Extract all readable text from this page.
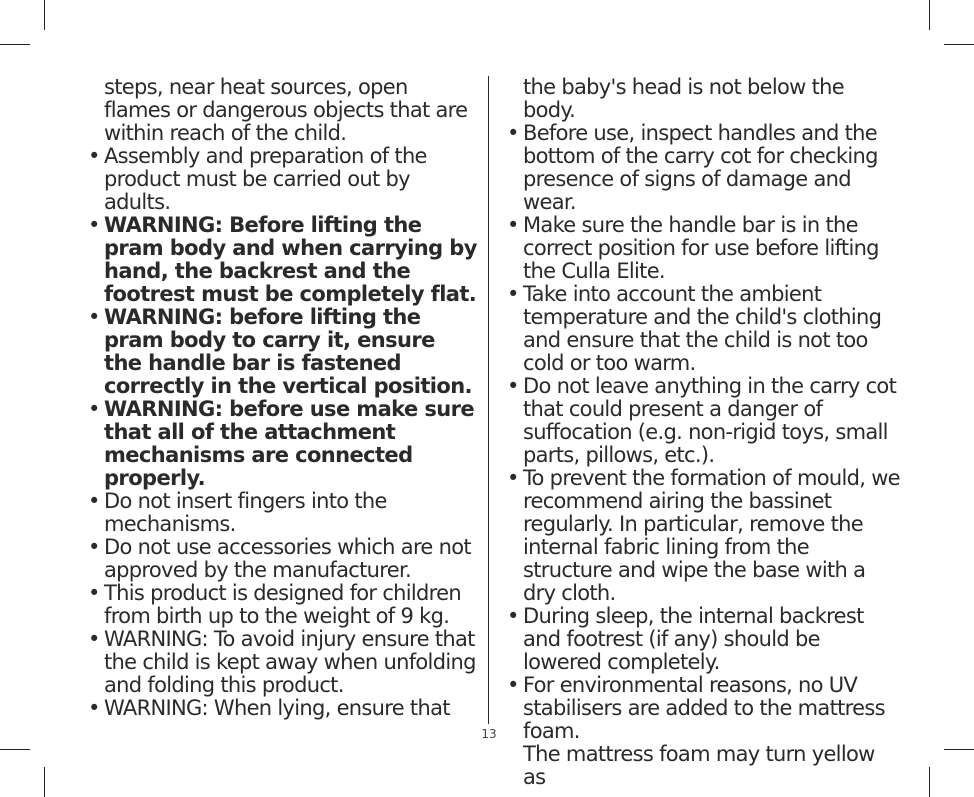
steps, near heat sources, open flames or dangerous objects that are within reach of the child.

• Assembly and preparation of the product must be carried out by adults.
• WARNING: Before lifting the pram body and when carrying by hand, the backrest and the footrest must be completely flat.
• WARNING: before lifting the pram body to carry it, ensure the handle bar is fastened correctly in the vertical position.
• WARNING: before use make sure that all of the attachment mechanisms are connected properly.
• Do not insert fingers into the mechanisms.
• Do not use accessories which are not approved by the manufacturer.
• This product is designed for children from birth up to the weight of 9 kg.
• WARNING: To avoid injury ensure that the child is kept away when unfolding and folding this product.
• WARNING: When lying, ensure that

the baby's head is not below the body.

• Before use, inspect handles and the bottom of the carry cot for checking presence of signs of damage and wear.
• Make sure the handle bar is in the correct position for use before lifting the Culla Elite.
• Take into account the ambient temperature and the child's clothing and ensure that the child is not too cold or too warm.
• Do not leave anything in the carry cot that could present a danger of suffocation (e.g. non-rigid toys, small parts, pillows, etc.).
• To prevent the formation of mould, we recommend airing the bassinet regularly. In particular, remove the internal fabric lining from the structure and wipe the base with a dry cloth.
• During sleep, the internal backrest and footrest (if any) should be lowered completely.
• For environmental reasons, no UV stabilisers are added to the mattress foam.

The mattress foam may turn yellow as

13
